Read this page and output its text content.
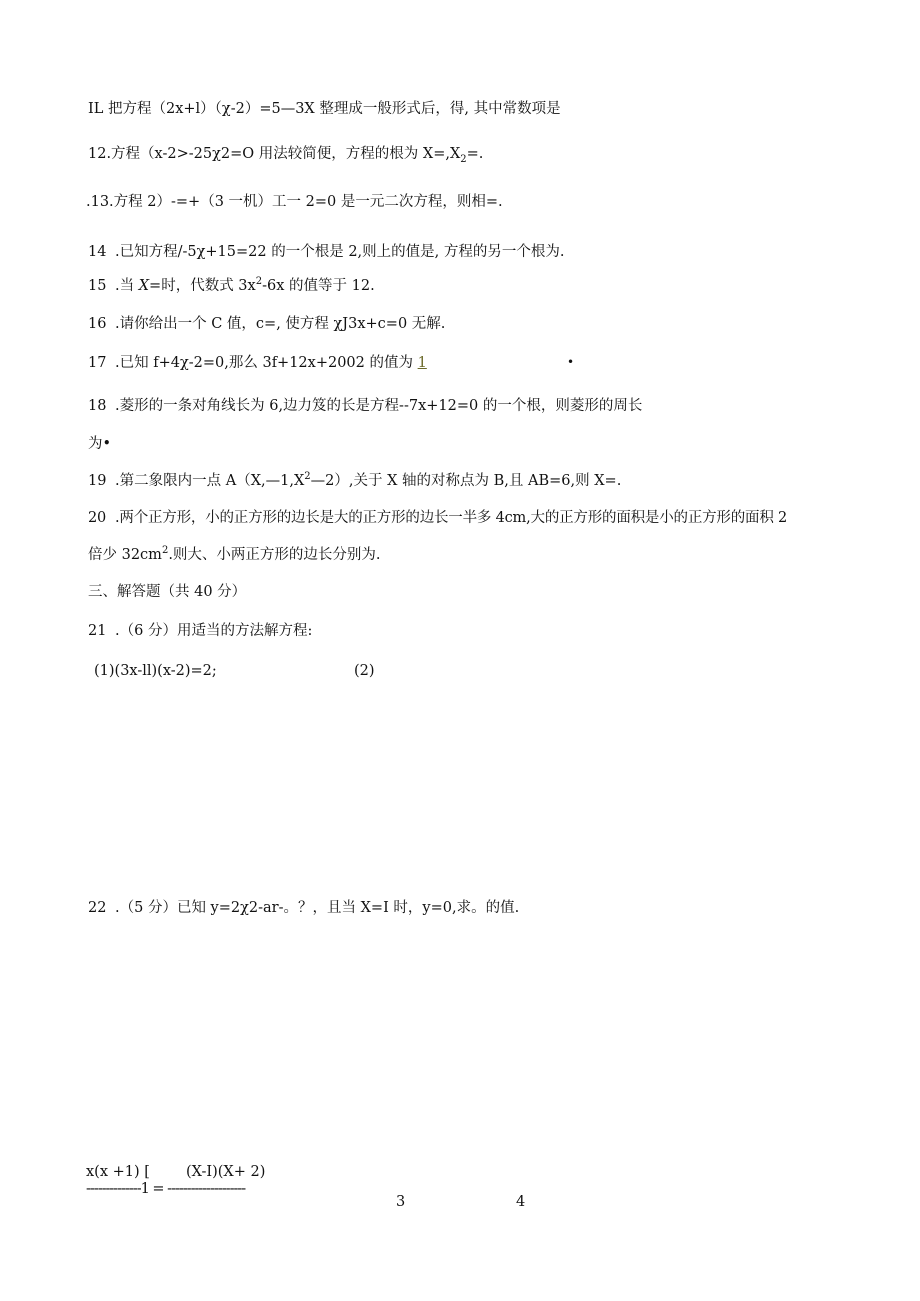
IL 把方程（2x+l）（χ-2）=5—3X 整理成一般形式后，得, 其中常数项是
12.方程（x-2>-25χ2=O 用法较简便，方程的根为 $X=,X_2=$.
.13.方程 2）-=+（3 一机）工一 2=0 是一元二次方程，则相=.
14 .已知方程/-5χ+15=22 的一个根是 2,则上的值是, 方程的另一个根为.
15 .当 X=时，代数式 $3x^2-6x$ 的值等于 12.
16 .请你给出一个 C 值，c=, 使方程 χJ3x+c=0 无解.
17 .已知 f+4χ-2=0,那么 3f+12x+2002 的值为 1	•
18 .菱形的一条对角线长为 6,边力笈的长是方程--7x+12=0 的一个根，则菱形的周长
为•
19 .第二象限内一点 $A(X,—1,X^2—2)$,关于 X 轴的对称点为 B,且 AB=6,则 X=.
20 .两个正方形，小的正方形的边长是大的正方形的边长一半多 4cm,大的正方形的面积是小的正方形的面积 2
倍少 $32cm^2$.则大、小两正方形的边长分别为.
三、解答题（共 40 分）
21 .（6 分）用适当的方法解方程:
(1)(3x-ll)(x-2)=2;	(2)
22 .（5 分）已知 y=2χ2-ar-。？，且当 X=I 时，y=0,求。的值.
x(x +1) [ (X-I)(X+ 2)
--------------1 = --------------------
3	4
